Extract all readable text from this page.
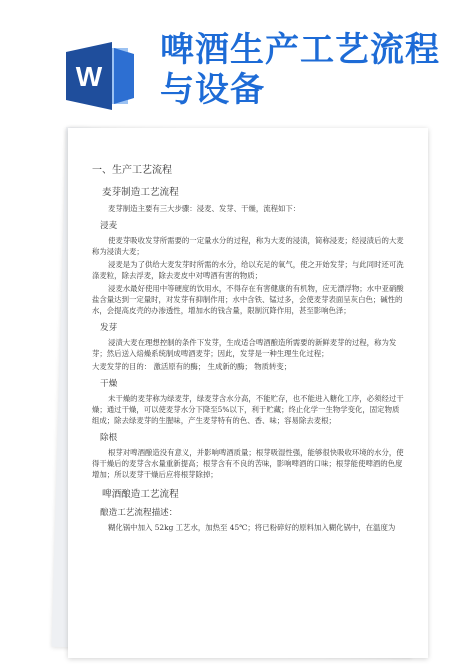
W
啤酒生产工艺流程与设备
一、生产工艺流程
麦芽制造工艺流程
麦芽制造主要有三大步骤：浸麦、发芽、干燥，流程如下：
浸麦
使麦芽吸收发芽所需要的一定量水分的过程，称为大麦的浸渍，简称浸麦；经浸渍后的大麦称为浸渍大麦；
浸麦是为了供给大麦发芽时所需的水分，给以充足的氧气，使之开始发芽；与此同时还可洗涤麦粒，除去浮麦，除去麦皮中对啤酒有害的物质；
浸麦水最好使用中等硬度的饮用水，不得存在有害健康的有机物，应无漂浮物；水中亚硝酸盐含量达到一定量时，对发芽有抑制作用；水中含铁、锰过多，会使麦芽表面呈灰白色；碱性的水，会提高皮壳的办渗透性，增加水的钱含量，限制沉降作用，甚至影响色泽；
发芽
浸渍大麦在理想控制的条件下发芽，生成适合啤酒酿造所需要的新鲜麦芽的过程，称为发芽；然后送入焙燥系统制成啤酒麦芽；因此，发芽是一种生理生化过程；
大麦发芽的目的： 激活原有的酶； 生成新的酶； 物质转变；
干燥
未干燥的麦芽称为绿麦芽，绿麦芽含水分高，不能贮存，也不能进入糖化工序，必须经过干燥；通过干燥，可以使麦芽水分下降至5%以下，利于贮藏；终止化学一生物学变化，固定物质组成；除去绿麦芽的生腥味，产生麦芽特有的色、香、味；容易除去麦根；
除根
根芽对啤酒酿造没有意义，并影响啤酒质量；根芽吸湿性强，能够很快吸收环境的水分，使得干燥后的麦芽含水量重新提高；根芽含有不良的苦味，影响啤酒的口味；根芽能使啤酒的色度增加；所以麦芽干燥后应将根芽除掉；
啤酒酿造工艺流程
酿造工艺流程描述：
糊化锅中加入 52kg 工艺水，加热至 45℃；将已粉碎好的原料加入糊化锅中，在温度为
